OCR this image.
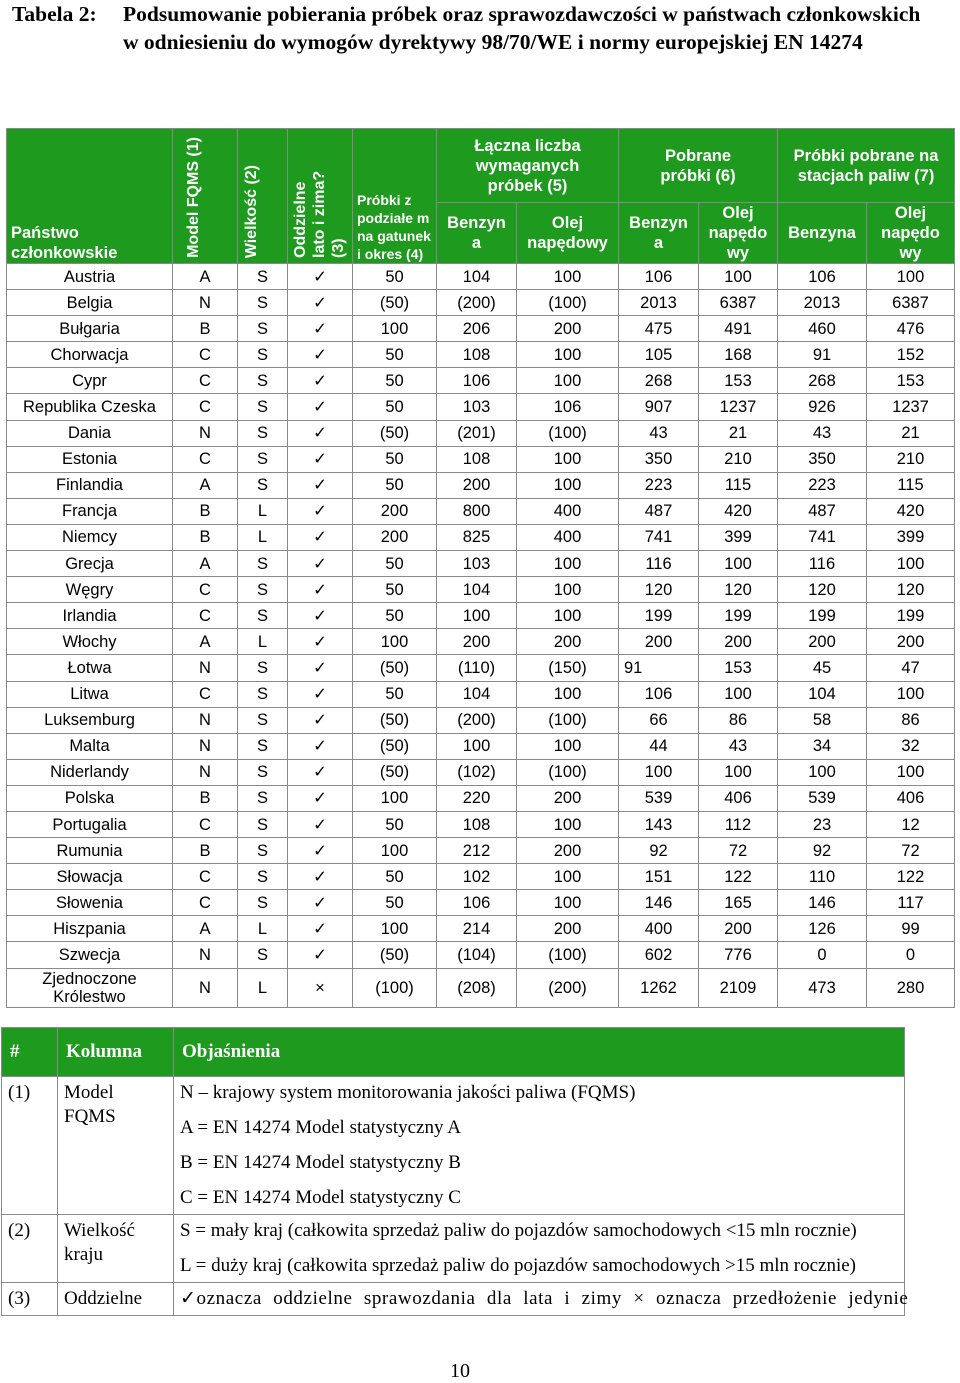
Tabela 2: Podsumowanie pobierania próbek oraz sprawozdawczości w państwach członkowskich w odniesieniu do wymogów dyrektywy 98/70/WE i normy europejskiej EN 14274
Państwo członkowskie	Model FQMS (1)	Wielkość (2)	Oddzielne lato i zima? (3)	Próbki z podziałe m na gatunek i okres (4)	Łączna liczba wymaganych próbek (5)		Pobrane próbki (6)		Próbki pobrane na stacjach paliw (7)	

					Benzyn a	Olej napędowy	Benzyn a	Olej napędo wy	Benzyna	Olej napędo wy

Austria	A	S	✓	50	104	100	106	100	106	100
Belgia	N	S	✓	(50)	(200)	(100)	2013	6387	2013	6387
Bułgaria	B	S	✓	100	206	200	475	491	460	476
Chorwacja	C	S	✓	50	108	100	105	168	91	152
Cypr	C	S	✓	50	106	100	268	153	268	153
Republika Czeska	C	S	✓	50	103	106	907	1237	926	1237
Dania	N	S	✓	(50)	(201)	(100)	43	21	43	21
Estonia	C	S	✓	50	108	100	350	210	350	210
Finlandia	A	S	✓	50	200	100	223	115	223	115
Francja	B	L	✓	200	800	400	487	420	487	420
Niemcy	B	L	✓	200	825	400	741	399	741	399
Grecja	A	S	✓	50	103	100	116	100	116	100
Węgry	C	S	✓	50	104	100	120	120	120	120
Irlandia	C	S	✓	50	100	100	199	199	199	199
Włochy	A	L	✓	100	200	200	200	200	200	200
Łotwa	N	S	✓	(50)	(110)	(150)	91	153	45	47
Litwa	C	S	✓	50	104	100	106	100	104	100
Luksemburg	N	S	✓	(50)	(200)	(100)	66	86	58	86
Malta	N	S	✓	(50)	100	100	44	43	34	32
Niderlandy	N	S	✓	(50)	(102)	(100)	100	100	100	100
Polska	B	S	✓	100	220	200	539	406	539	406
Portugalia	C	S	✓	50	108	100	143	112	23	12
Rumunia	B	S	✓	100	212	200	92	72	92	72
Słowacja	C	S	✓	50	102	100	151	122	110	122
Słowenia	C	S	✓	50	106	100	146	165	146	117
Hiszpania	A	L	✓	100	214	200	400	200	126	99
Szwecja	N	S	✓	(50)	(104)	(100)	602	776	0	0
Zjednoczone Królestwo	N	L	×	(100)	(208)	(200)	1262	2109	473	280
#	Kolumna	Objaśnienia
(1)	Model FQMS	N – krajowy system monitorowania jakości paliwa (FQMS)
A = EN 14274 Model statystyczny A
B = EN 14274 Model statystyczny B
C = EN 14274 Model statystyczny C

(2)	Wielkość kraju	S = mały kraj (całkowita sprzedaż paliw do pojazdów samochodowych <15 mln rocznie)
L = duży kraj (całkowita sprzedaż paliw do pojazdów samochodowych >15 mln rocznie)

(3)	Oddzielne	✓oznacza oddzielne sprawozdania dla lata i zimy × oznacza przedłożenie jedynie
10
